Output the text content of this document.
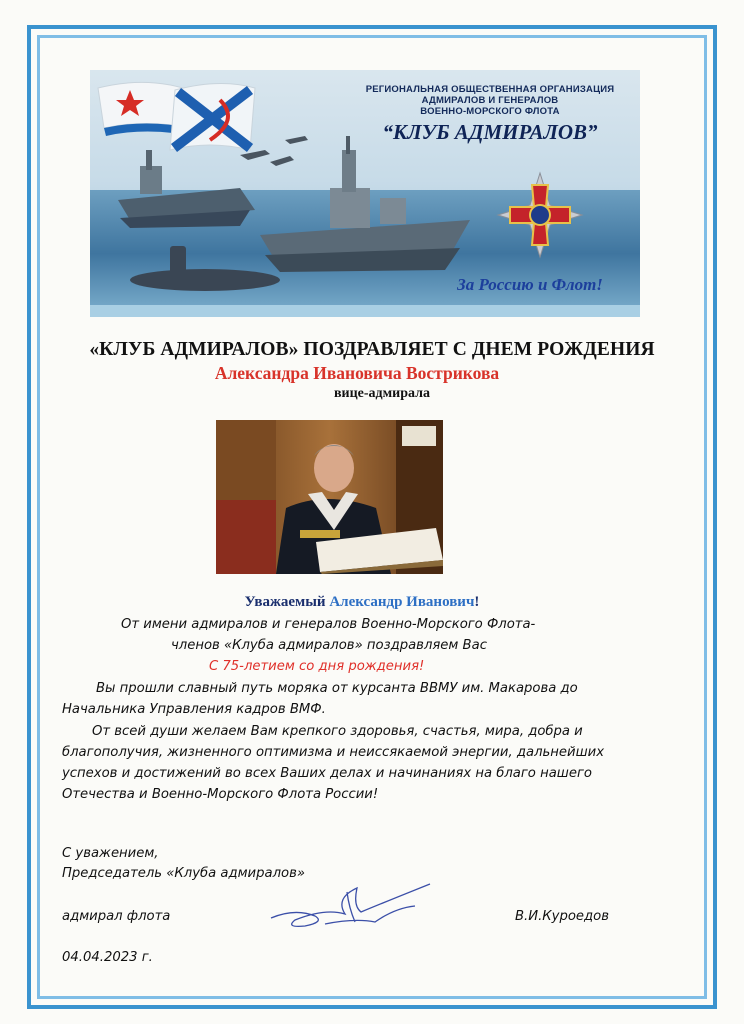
РЕГИОНАЛЬНАЯ ОБЩЕСТВЕННАЯ ОРГАНИЗАЦИЯ
АДМИРАЛОВ И ГЕНЕРАЛОВ
ВОЕННО-МОРСКОГО ФЛОТА
“КЛУБ АДМИРАЛОВ”
За Россию и Флот!
«КЛУБ АДМИРАЛОВ» ПОЗДРАВЛЯЕТ С ДНЕМ РОЖДЕНИЯ
Александра Ивановича Вострикова
вице-адмирала
Уважаемый Александр Иванович!
От имени адмиралов и генералов Военно-Морского Флота-
членов «Клуба адмиралов» поздравляем Вас
С 75-летием со дня рождения!
Вы прошли славный путь моряка от курсанта ВВМУ им. Макарова до
Начальника Управления кадров ВМФ.
От всей души желаем Вам крепкого здоровья, счастья, мира, добра и
благополучия, жизненного оптимизма и неиссякаемой энергии, дальнейших
успехов и достижений во всех Ваших делах и начинаниях на благо нашего
Отечества и Военно-Морского Флота России!
С уважением,
Председатель «Клуба адмиралов»
адмирал флота	В.И.Куроедов
04.04.2023 г.
